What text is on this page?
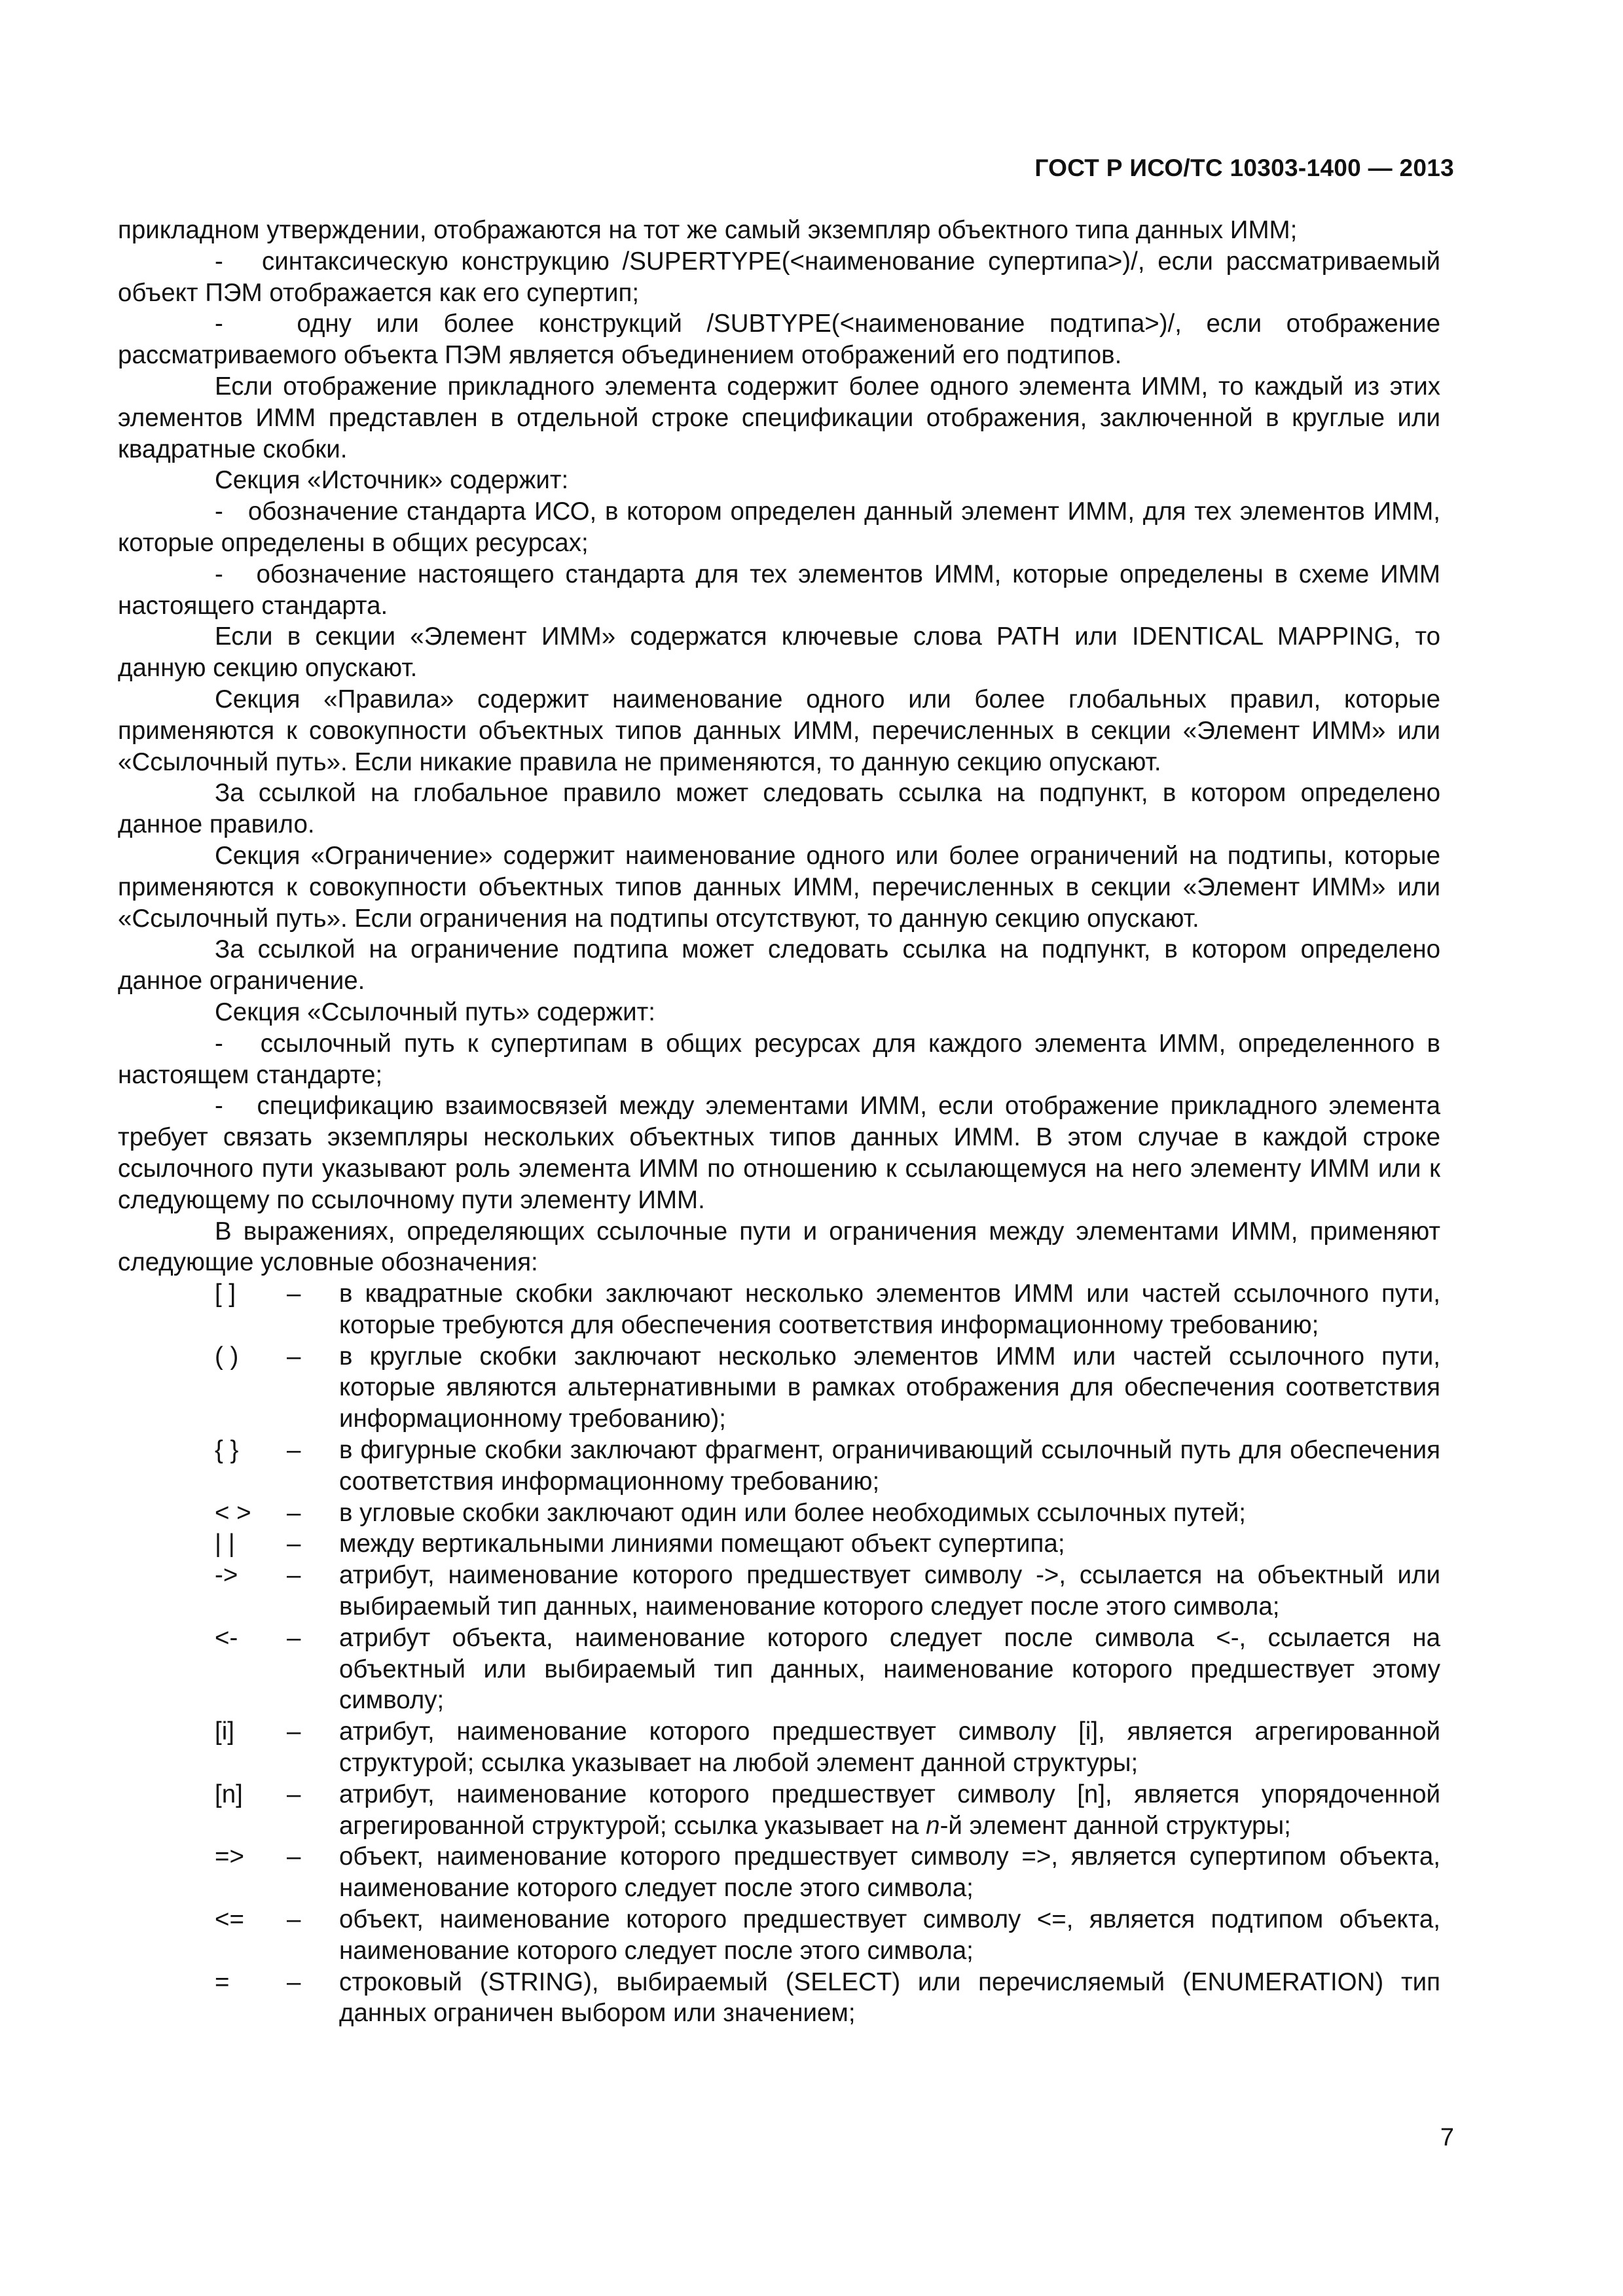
ГОСТ Р ИСО/ТС 10303-1400 — 2013

прикладном утверждении, отображаются на тот же самый экземпляр объектного типа данных ИММ;

-   синтаксическую конструкцию /SUPERTYPE(<наименование супертипа>)/, если рассматриваемый объект ПЭМ отображается как его супертип;

-   одну или более конструкций /SUBTYPE(<наименование подтипа>)/, если отображение рассматриваемого объекта ПЭМ является объединением отображений его подтипов.

Если отображение прикладного элемента содержит более одного элемента ИММ, то каждый из этих элементов ИММ представлен в отдельной строке спецификации отображения, заключенной в круглые или квадратные скобки.

Секция «Источник» содержит:

-   обозначение стандарта ИСО, в котором определен данный элемент ИММ, для тех элементов ИММ, которые определены в общих ресурсах;

-   обозначение настоящего стандарта для тех элементов ИММ, которые определены в схеме ИММ настоящего стандарта.

Если в секции «Элемент ИММ» содержатся ключевые слова PATH или IDENTICAL MAPPING, то данную секцию опускают.

Секция «Правила» содержит наименование одного или более глобальных правил, которые применяются к совокупности объектных типов данных ИММ, перечисленных в секции «Элемент ИММ» или «Ссылочный путь». Если никакие правила не применяются, то данную секцию опускают.

За ссылкой на глобальное правило может следовать ссылка на подпункт, в котором определено данное правило.

Секция «Ограничение» содержит наименование одного или более ограничений на подтипы, которые применяются к совокупности объектных типов данных ИММ, перечисленных в секции «Элемент ИММ» или «Ссылочный путь». Если ограничения на подтипы отсутствуют, то данную секцию опускают.

За ссылкой на ограничение подтипа может следовать ссылка на подпункт, в котором определено данное ограничение.

Секция «Ссылочный путь» содержит:

-   ссылочный путь к супертипам в общих ресурсах для каждого элемента ИММ, определенного в настоящем стандарте;

-   спецификацию взаимосвязей между элементами ИММ, если отображение прикладного элемента требует связать экземпляры нескольких объектных типов данных ИММ. В этом случае в каждой строке ссылочного пути указывают роль элемента ИММ по отношению к ссылающемуся на него элементу ИММ или к следующему по ссылочному пути элементу ИММ.

В выражениях, определяющих ссылочные пути и ограничения между элементами ИММ, применяют следующие условные обозначения:

[ ]	–	в квадратные скобки заключают несколько элементов ИММ или частей ссылочного пути, которые требуются для обеспечения соответствия информационному требованию;
( )	–	в круглые скобки заключают несколько элементов ИММ или частей ссылочного пути, которые являются альтернативными в рамках отображения для обеспечения соответствия информационному требованию);
{ }	–	в фигурные скобки заключают фрагмент, ограничивающий ссылочный путь для обеспечения соответствия информационному требованию;
< >	–	в угловые скобки заключают один или более необходимых ссылочных путей;
| |	–	между вертикальными линиями помещают объект супертипа;
->	–	атрибут, наименование которого предшествует символу ->, ссылается на объектный или выбираемый тип данных, наименование которого следует после этого символа;
<-	–	атрибут объекта, наименование которого следует после символа <-, ссылается на объектный или выбираемый тип данных, наименование которого предшествует этому символу;
[i]	–	атрибут, наименование которого предшествует символу [i], является агрегированной структурой; ссылка указывает на любой элемент данной структуры;
[n]	–	атрибут, наименование которого предшествует символу [n], является упорядоченной агрегированной структурой; ссылка указывает на n-й элемент данной структуры;
=>	–	объект, наименование которого предшествует символу =>, является супертипом объекта, наименование которого следует после этого символа;
<=	–	объект, наименование которого предшествует символу <=, является подтипом объекта, наименование которого следует после этого символа;
=	–	строковый (STRING), выбираемый (SELECT) или перечисляемый (ENUMERATION) тип данных ограничен выбором или значением;
7
